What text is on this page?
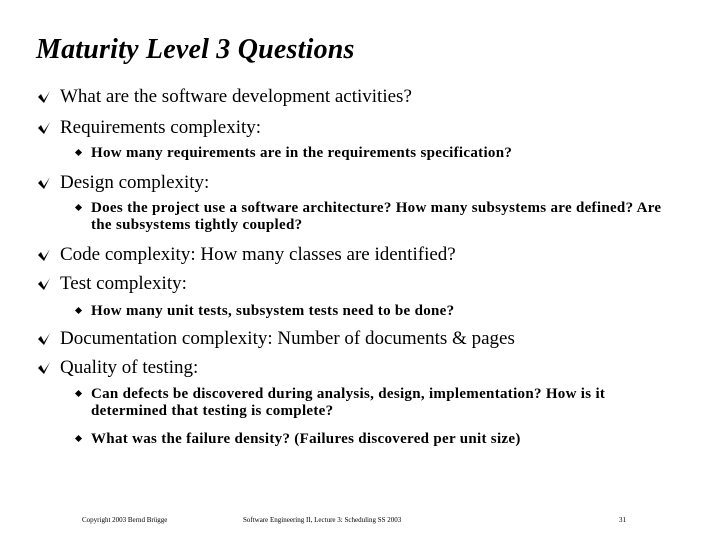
Maturity Level 3 Questions
What are the software development activities?
Requirements complexity:
How many requirements are in the requirements specification?
Design complexity:
Does the project use a software architecture? How many subsystems are defined? Are the subsystems tightly coupled?
Code complexity: How many classes are identified?
Test complexity:
How many unit tests, subsystem tests need to be done?
Documentation complexity: Number of documents & pages
Quality of testing:
Can defects be discovered during analysis, design, implementation? How is it determined that testing is complete?
What was the failure density? (Failures discovered per unit size)
Copyright 2003 Bernd Brügge	Software Engineering II, Lecture 3: Scheduling SS 2003	31
